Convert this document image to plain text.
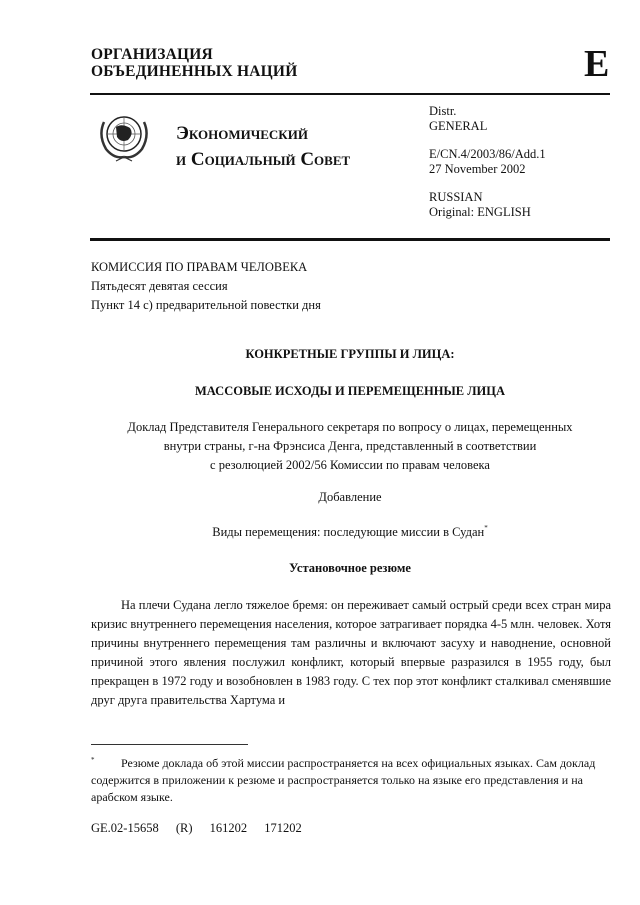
ОРГАНИЗАЦИЯ
ОБЪЕДИНЕННЫХ НАЦИЙ	E
Экономический
и Социальный Совет
Distr.
GENERAL
E/CN.4/2003/86/Add.1
27 November 2002
RUSSIAN
Original: ENGLISH
КОМИССИЯ ПО ПРАВАМ ЧЕЛОВЕКА
Пятьдесят девятая сессия
Пункт 14 с) предварительной повестки дня
КОНКРЕТНЫЕ ГРУППЫ И ЛИЦА:
МАССОВЫЕ ИСХОДЫ И ПЕРЕМЕЩЕННЫЕ ЛИЦА
Доклад Представителя Генерального секретаря по вопросу о лицах, перемещенных
внутри страны, г-на Фрэнсиса Денга, представленный в соответствии
с резолюцией 2002/56 Комиссии по правам человека
Добавление
Виды перемещения: последующие миссии в Судан*
Установочное резюме

На плечи Судана легло тяжелое бремя: он переживает самый острый среди всех стран мира кризис внутреннего перемещения населения, которое затрагивает порядка 4-5 млн. человек. Хотя причины внутреннего перемещения там различны и включают засуху и наводнение, основной причиной этого явления послужил конфликт, который впервые разразился в 1955 году, был прекращен в 1972 году и возобновлен в 1983 году. С тех пор этот конфликт сталкивал сменявшие друг друга правительства Хартума и

* Резюме доклада об этой миссии распространяется на всех официальных языках. Сам доклад содержится в приложении к резюме и распространяется только на языке его представления и на арабском языке.
GE.02-15658 (R) 161202 171202
